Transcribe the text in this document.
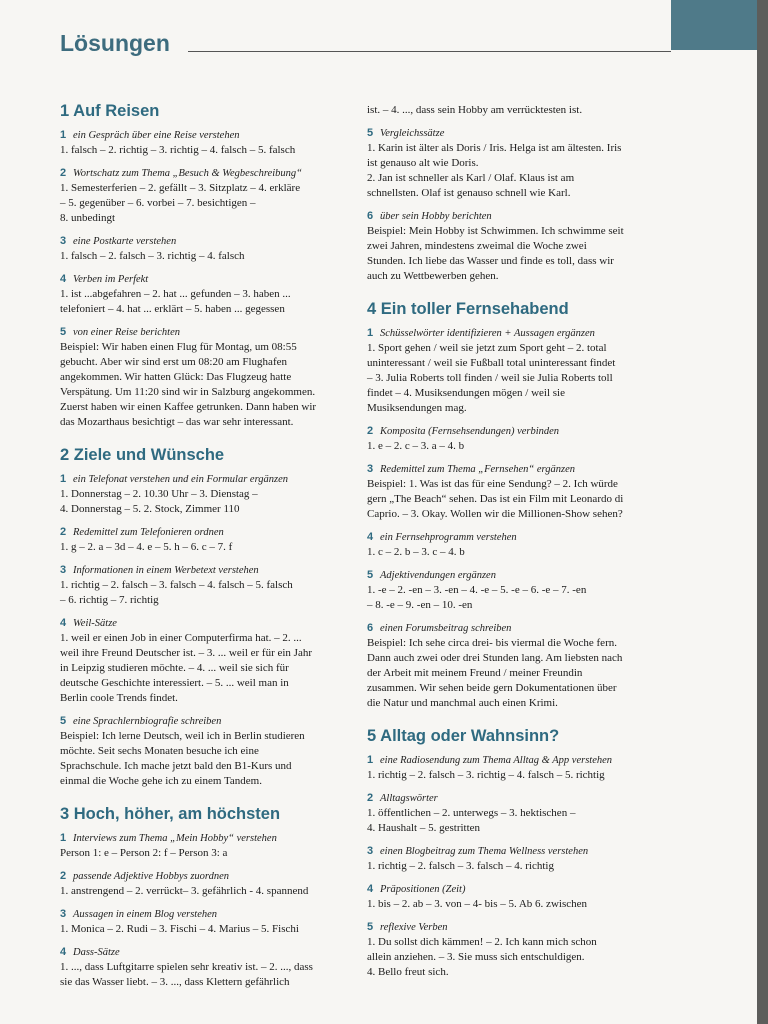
Lösungen
1 Auf Reisen

1 ein Gespräch über eine Reise verstehen

1. falsch – 2. richtig – 3. richtig – 4. falsch – 5. falsch

2 Wortschatz zum Thema „Besuch & Wegbeschreibung“

1. Semesterferien – 2. gefällt – 3. Sitzplatz – 4. erkläre
– 5. gegenüber – 6. vorbei – 7. besichtigen –
8. unbedingt

3 eine Postkarte verstehen

1. falsch – 2. falsch – 3. richtig – 4. falsch

4 Verben im Perfekt

1. ist ...abgefahren – 2. hat ... gefunden – 3. haben ...
telefoniert – 4. hat ... erklärt – 5. haben ... gegessen

5 von einer Reise berichten

Beispiel: Wir haben einen Flug für Montag, um 08:55
gebucht. Aber wir sind erst um 08:20 am Flughafen
angekommen. Wir hatten Glück: Das Flugzeug hatte
Verspätung. Um 11:20 sind wir in Salzburg angekommen.
Zuerst haben wir einen Kaffee getrunken. Dann haben wir
das Mozarthaus besichtigt – das war sehr interessant.

2 Ziele und Wünsche

1 ein Telefonat verstehen und ein Formular ergänzen

1. Donnerstag – 2. 10.30 Uhr – 3. Dienstag –
4. Donnerstag – 5. 2. Stock, Zimmer 110

2 Redemittel zum Telefonieren ordnen

1. g – 2. a – 3d – 4. e – 5. h – 6. c – 7. f

3 Informationen in einem Werbetext verstehen

1. richtig – 2. falsch – 3. falsch – 4. falsch – 5. falsch
– 6. richtig – 7. richtig

4 Weil-Sätze

1. weil er einen Job in einer Computerfirma hat. – 2. ...
weil ihre Freund Deutscher ist. – 3. ... weil er für ein Jahr
in Leipzig studieren möchte. – 4. ... weil sie sich für
deutsche Geschichte interessiert. – 5. ... weil man in
Berlin coole Trends findet.

5 eine Sprachlernbiografie schreiben

Beispiel: Ich lerne Deutsch, weil ich in Berlin studieren
möchte. Seit sechs Monaten besuche ich eine
Sprachschule. Ich mache jetzt bald den B1-Kurs und
einmal die Woche gehe ich zu einem Tandem.

3 Hoch, höher, am höchsten

1 Interviews zum Thema „Mein Hobby“ verstehen

Person 1: e – Person 2: f – Person 3: a

2 passende Adjektive Hobbys zuordnen

1. anstrengend – 2. verrückt– 3. gefährlich - 4. spannend

3 Aussagen in einem Blog verstehen

1. Monica – 2. Rudi – 3. Fischi – 4. Marius – 5. Fischi

4 Dass-Sätze

1. ..., dass Luftgitarre spielen sehr kreativ ist. – 2. ..., dass
sie das Wasser liebt. – 3. ..., dass Klettern gefährlich

ist. – 4. ..., dass sein Hobby am verrücktesten ist.

5 Vergleichssätze

1. Karin ist älter als Doris / Iris. Helga ist am ältesten. Iris
ist genauso alt wie Doris.
2. Jan ist schneller als Karl / Olaf. Klaus ist am
schnellsten. Olaf ist genauso schnell wie Karl.

6 über sein Hobby berichten

Beispiel: Mein Hobby ist Schwimmen. Ich schwimme seit
zwei Jahren, mindestens zweimal die Woche zwei
Stunden. Ich liebe das Wasser und finde es toll, dass wir
auch zu Wettbewerben gehen.

4 Ein toller Fernsehabend

1 Schüsselwörter identifizieren + Aussagen ergänzen

1. Sport gehen / weil sie jetzt zum Sport geht – 2. total
uninteressant / weil sie Fußball total uninteressant findet
– 3. Julia Roberts toll finden / weil sie Julia Roberts toll
findet – 4. Musiksendungen mögen / weil sie
Musiksendungen mag.

2 Komposita (Fernsehsendungen) verbinden

1. e – 2. c – 3. a – 4. b

3 Redemittel zum Thema „Fernsehen“ ergänzen

Beispiel: 1. Was ist das für eine Sendung? – 2. Ich würde
gern „The Beach“ sehen. Das ist ein Film mit Leonardo di
Caprio. – 3. Okay. Wollen wir die Millionen-Show sehen?

4 ein Fernsehprogramm verstehen

1. c – 2. b – 3. c – 4. b

5 Adjektivendungen ergänzen

1. -e – 2. -en – 3. -en – 4. -e – 5. -e – 6. -e – 7. -en
– 8. -e – 9. -en – 10. -en

6 einen Forumsbeitrag schreiben

Beispiel: Ich sehe circa drei- bis viermal die Woche fern.
Dann auch zwei oder drei Stunden lang. Am liebsten nach
der Arbeit mit meinem Freund / meiner Freundin
zusammen. Wir sehen beide gern Dokumentationen über
die Natur und manchmal auch einen Krimi.

5 Alltag oder Wahnsinn?

1 eine Radiosendung zum Thema Alltag & App verstehen

1. richtig – 2. falsch – 3. richtig – 4. falsch – 5. richtig

2 Alltagswörter

1. öffentlichen – 2. unterwegs – 3. hektischen –
4. Haushalt – 5. gestritten

3 einen Blogbeitrag zum Thema Wellness verstehen

1. richtig – 2. falsch – 3. falsch – 4. richtig

4 Präpositionen (Zeit)

1. bis – 2. ab – 3. von – 4- bis – 5. Ab 6. zwischen

5 reflexive Verben

1. Du sollst dich kämmen! – 2. Ich kann mich schon
allein anziehen. – 3. Sie muss sich entschuldigen.
4. Bello freut sich.
